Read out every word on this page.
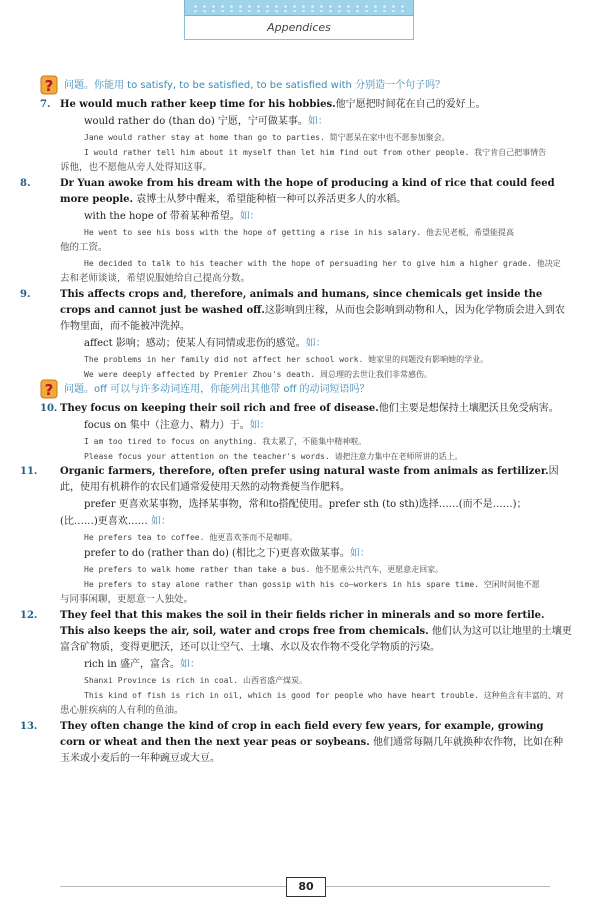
Appendices
? 问题。你能用 to satisfy, to be satisfied, to be satisfied with 分别造一个句子吗？

7. He would much rather keep time for his hobbies.他宁愿把时间花在自己的爱好上。

would rather do (than do) 宁愿，宁可做某事。如：
Jane would rather stay at home than go to parties. 简宁愿呆在家中也不愿参加聚会。
I would rather tell him about it myself than let him find out from other people. 我宁肯自己把事情告
诉他，也不愿他从旁人处得知这事。

8.	Dr Yuan awoke from his dream with the hope of producing a kind of rice that could feed more people. 袁博士从梦中醒来，希望能种植一种可以养活更多人的水稻。

with the hope of 带着某种希望。如：
He went to see his boss with the hope of getting a rise in his salary. 他去见老板，希望能提高
他的工资。
He decided to talk to his teacher with the hope of persuading her to give him a higher grade. 他决定
去和老师谈谈，希望说服她给自己提高分数。

9.	This affects crops and, therefore, animals and humans, since chemicals get inside the crops and cannot just be washed off.这影响到庄稼，从而也会影响到动物和人，因为化学物质会进入到农作物里面，而不能被冲洗掉。

affect 影响；感动；使某人有同情或悲伤的感觉。如：
The problems in her family did not affect her school work. 她家里的问题没有影响她的学业。
We were deeply affected by Premier Zhou's death. 周总理的去世让我们非常感伤。
? 问题。off 可以与许多动词连用，你能列出其他带 off 的动词短语吗？

10. They focus on keeping their soil rich and free of disease.他们主要是想保持土壤肥沃且免受病害。

focus on 集中（注意力、精力）于。如：
I am too tired to focus on anything. 我太累了，不能集中精神啦。
Please focus your attention on the teacher's words. 请把注意力集中在老师所讲的话上。

11. Organic farmers, therefore, often prefer using natural waste from animals as fertilizer.因此，使用有机耕作的农民们通常爱使用天然的动物粪便当作肥料。

prefer 更喜欢某事物，选择某事物，常和to搭配使用。prefer sth (to sth)选择……(而不是……)；
(比……)更喜欢…… 如：
He prefers tea to coffee. 他更喜欢茶而不是咖啡。
prefer to do (rather than do) (相比之下)更喜欢做某事。如：
He prefers to walk home rather than take a bus. 他不愿乘公共汽车，更愿意走回家。
He prefers to stay alone rather than gossip with his co—workers in his spare time. 空闲时间他不愿
与同事闲聊，更愿意一人独处。

12. They feel that this makes the soil in their fields richer in minerals and so more fertile. This also keeps the air, soil, water and crops free from chemicals. 他们认为这可以让地里的土壤更富含矿物质，变得更肥沃，还可以让空气、土壤、水以及农作物不受化学物质的污染。

rich in 盛产，富含。如：
Shanxi Province is rich in coal. 山西省盛产煤炭。
This kind of fish is rich in oil, which is good for people who have heart trouble. 这种鱼含有丰富的、对
患心脏疾病的人有利的鱼油。

13. They often change the kind of crop in each field every few years, for example, growing corn or wheat and then the next year peas or soybeans. 他们通常每隔几年就换种农作物，比如在种玉米或小麦后的一年种豌豆或大豆。

80
